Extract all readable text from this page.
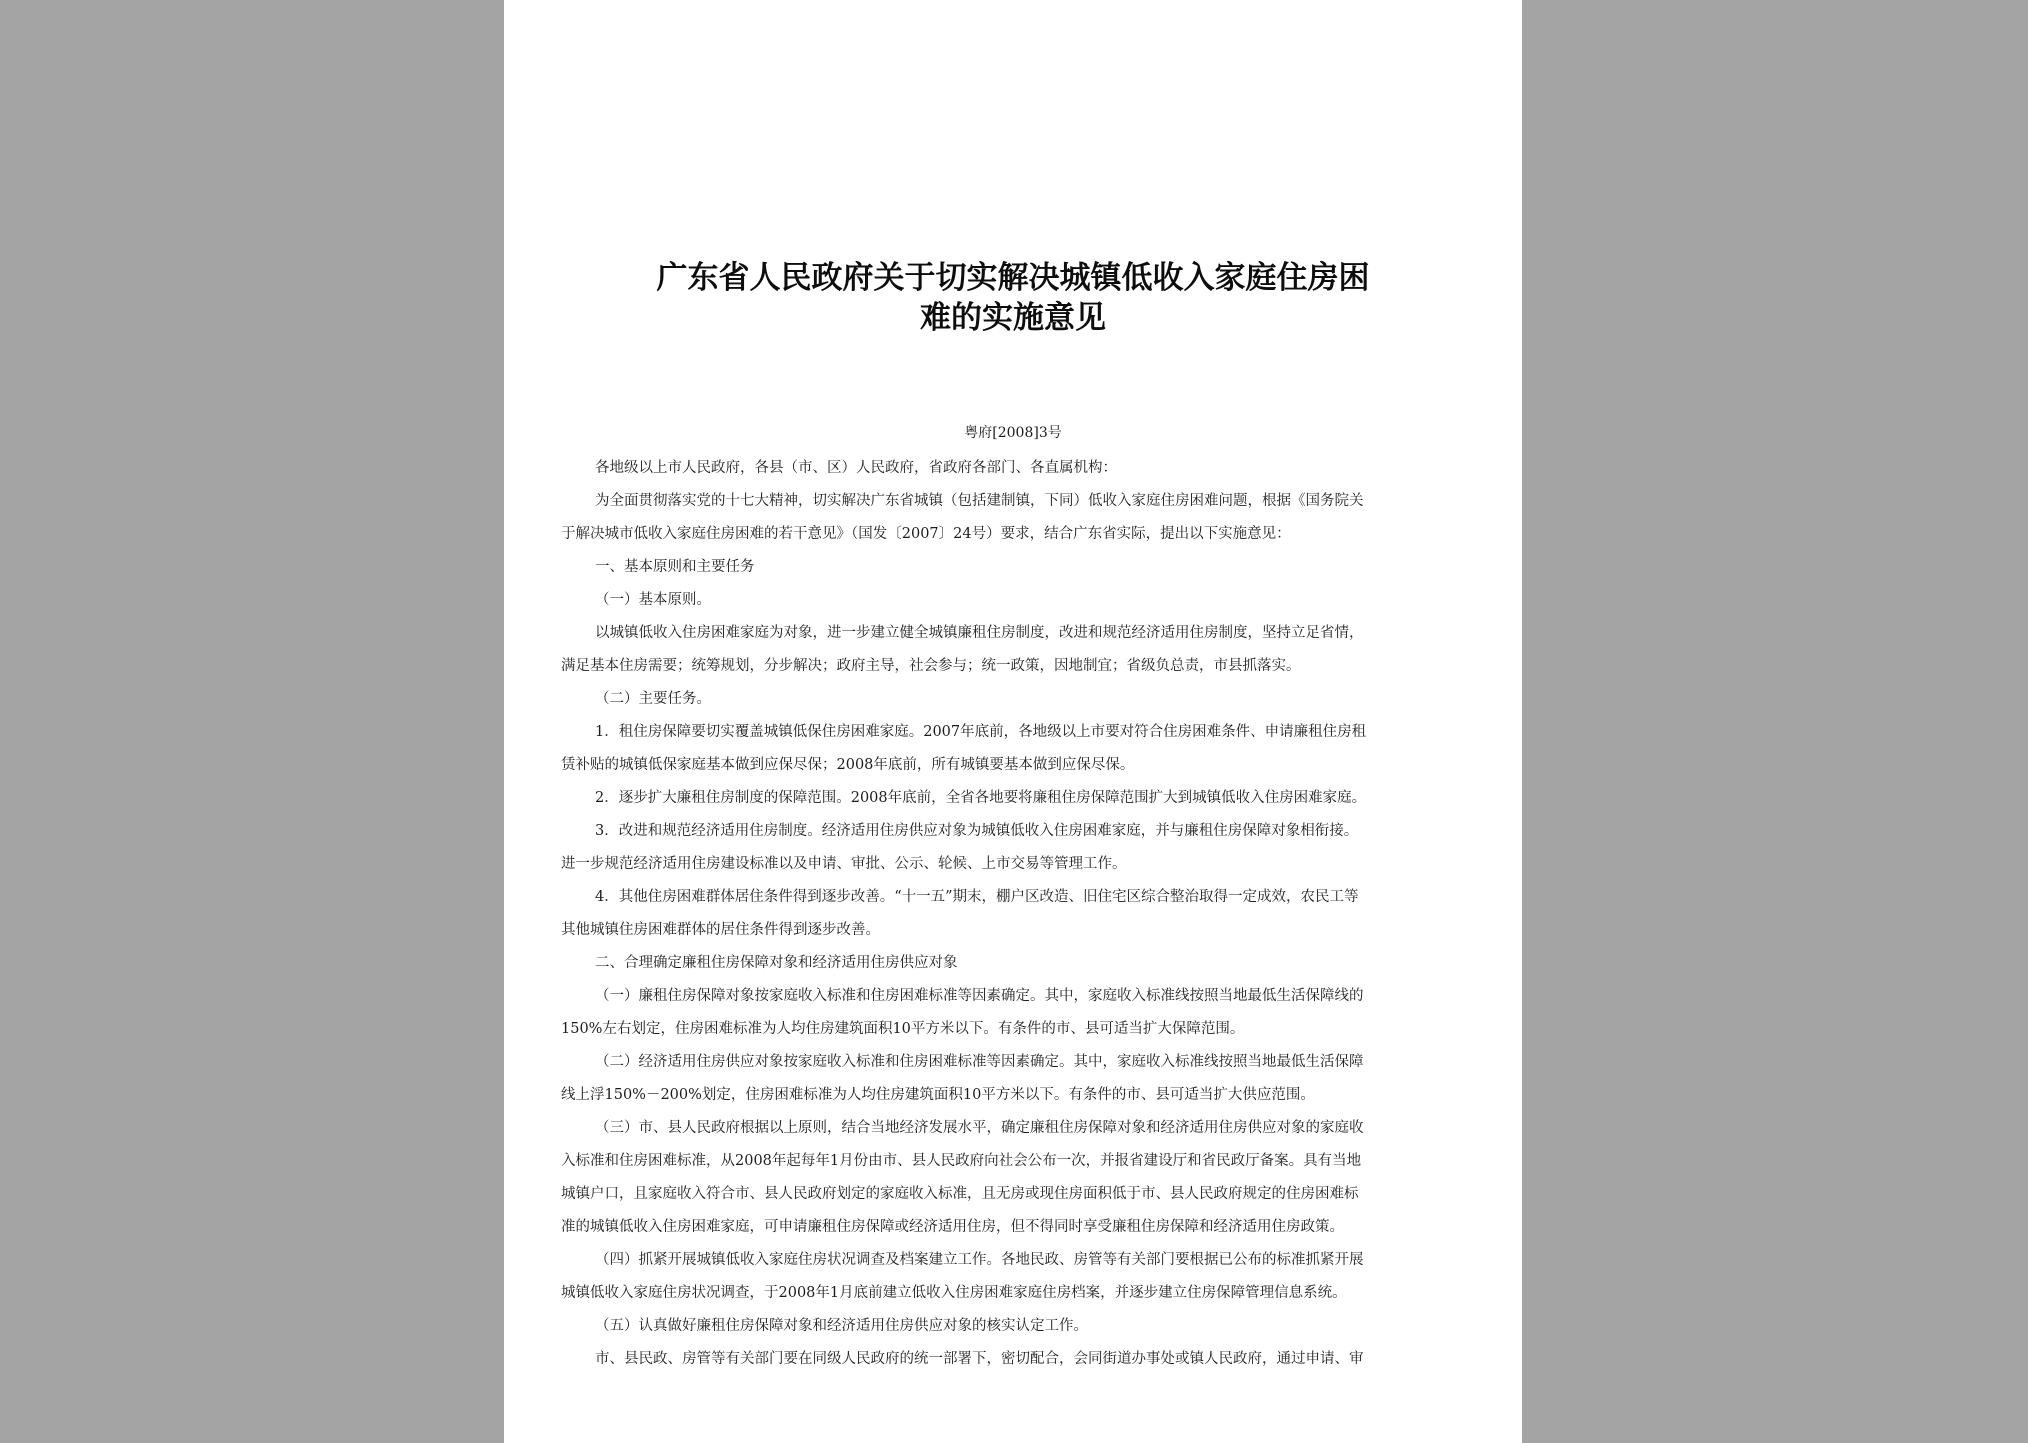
广东省人民政府关于切实解决城镇低收入家庭住房困
难的实施意见
粤府[2008]3号
各地级以上市人民政府，各县（市、区）人民政府，省政府各部门、各直属机构：
为全面贯彻落实党的十七大精神，切实解决广东省城镇（包括建制镇，下同）低收入家庭住房困难问题，根据《国务院关
于解决城市低收入家庭住房困难的若干意见》（国发〔2007〕24号）要求，结合广东省实际，提出以下实施意见：
一、基本原则和主要任务
（一）基本原则。
以城镇低收入住房困难家庭为对象，进一步建立健全城镇廉租住房制度，改进和规范经济适用住房制度，坚持立足省情，
满足基本住房需要；统筹规划，分步解决；政府主导，社会参与；统一政策，因地制宜；省级负总责，市县抓落实。
（二）主要任务。
1．租住房保障要切实覆盖城镇低保住房困难家庭。2007年底前，各地级以上市要对符合住房困难条件、申请廉租住房租
赁补贴的城镇低保家庭基本做到应保尽保；2008年底前，所有城镇要基本做到应保尽保。
2．逐步扩大廉租住房制度的保障范围。2008年底前，全省各地要将廉租住房保障范围扩大到城镇低收入住房困难家庭。
3．改进和规范经济适用住房制度。经济适用住房供应对象为城镇低收入住房困难家庭，并与廉租住房保障对象相衔接。
进一步规范经济适用住房建设标准以及申请、审批、公示、轮候、上市交易等管理工作。
4．其他住房困难群体居住条件得到逐步改善。“十一五”期末，棚户区改造、旧住宅区综合整治取得一定成效，农民工等
其他城镇住房困难群体的居住条件得到逐步改善。
二、合理确定廉租住房保障对象和经济适用住房供应对象
（一）廉租住房保障对象按家庭收入标准和住房困难标准等因素确定。其中，家庭收入标准线按照当地最低生活保障线的
150%左右划定，住房困难标准为人均住房建筑面积10平方米以下。有条件的市、县可适当扩大保障范围。
（二）经济适用住房供应对象按家庭收入标准和住房困难标准等因素确定。其中，家庭收入标准线按照当地最低生活保障
线上浮150%－200%划定，住房困难标准为人均住房建筑面积10平方米以下。有条件的市、县可适当扩大供应范围。
（三）市、县人民政府根据以上原则，结合当地经济发展水平，确定廉租住房保障对象和经济适用住房供应对象的家庭收
入标准和住房困难标准，从2008年起每年1月份由市、县人民政府向社会公布一次，并报省建设厅和省民政厅备案。具有当地
城镇户口，且家庭收入符合市、县人民政府划定的家庭收入标准，且无房或现住房面积低于市、县人民政府规定的住房困难标
准的城镇低收入住房困难家庭，可申请廉租住房保障或经济适用住房，但不得同时享受廉租住房保障和经济适用住房政策。
（四）抓紧开展城镇低收入家庭住房状况调查及档案建立工作。各地民政、房管等有关部门要根据已公布的标准抓紧开展
城镇低收入家庭住房状况调查，于2008年1月底前建立低收入住房困难家庭住房档案，并逐步建立住房保障管理信息系统。
（五）认真做好廉租住房保障对象和经济适用住房供应对象的核实认定工作。
市、县民政、房管等有关部门要在同级人民政府的统一部署下，密切配合，会同街道办事处或镇人民政府，通过申请、审
